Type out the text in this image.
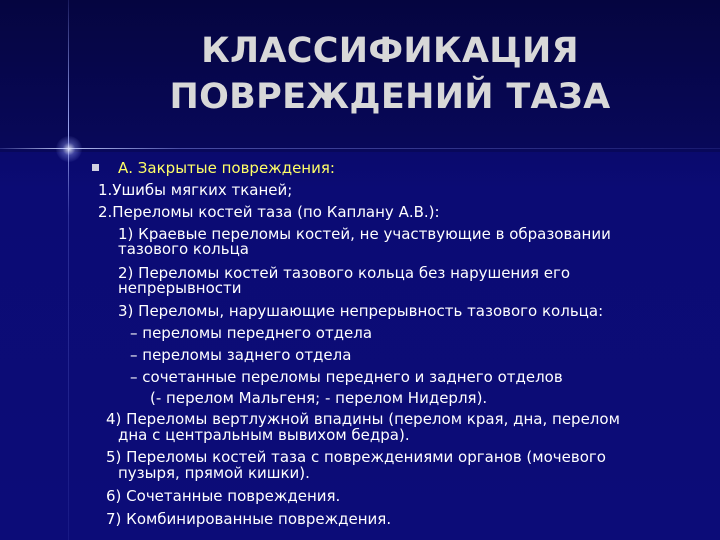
КЛАССИФИКАЦИЯ
ПОВРЕЖДЕНИЙ ТАЗА
А. Закрытые повреждения:
1.Ушибы мягких тканей;
2.Переломы костей таза (по Каплану А.В.):
1) Краевые переломы костей, не участвующие в образовании
тазового кольца
2) Переломы костей тазового кольца без нарушения его
непрерывности
3) Переломы, нарушающие непрерывность тазового кольца:
– переломы переднего отдела
– переломы заднего отдела
– сочетанные переломы переднего и заднего отделов
(- перелом Мальгеня; - перелом Нидерля).
4) Переломы вертлужной впадины (перелом края, дна, перелом
дна с центральным вывихом бедра).
5) Переломы костей таза с повреждениями органов (мочевого
пузыря, прямой кишки).
6) Сочетанные повреждения.
7) Комбинированные повреждения.
